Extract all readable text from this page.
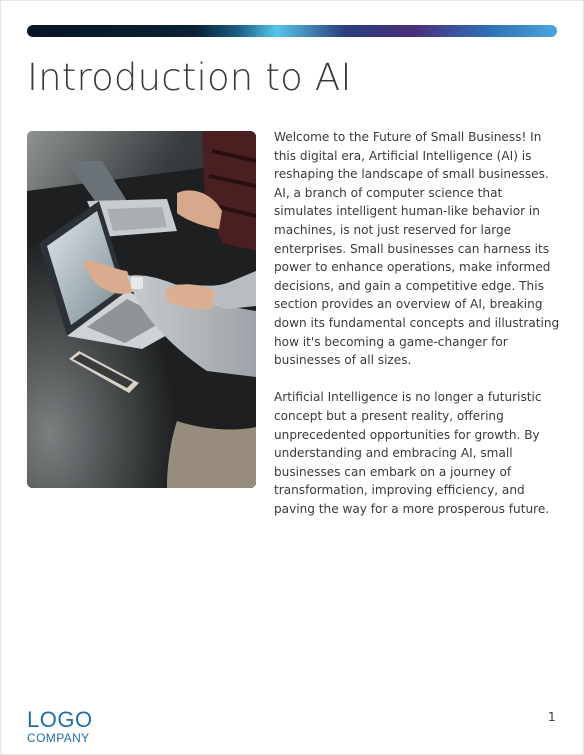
Introduction to AI

Welcome to the Future of Small Business! In this digital era, Artificial Intelligence (AI) is reshaping the landscape of small businesses. AI, a branch of computer science that simulates intelligent human-like behavior in machines, is not just reserved for large enterprises. Small businesses can harness its power to enhance operations, make informed decisions, and gain a competitive edge. This section provides an overview of AI, breaking down its fundamental concepts and illustrating how it's becoming a game-changer for businesses of all sizes.

Artificial Intelligence is no longer a futuristic concept but a present reality, offering unprecedented opportunities for growth. By understanding and embracing AI, small businesses can embark on a journey of transformation, improving efficiency, and paving the way for a more prosperous future.

LOGO
COMPANY
1
